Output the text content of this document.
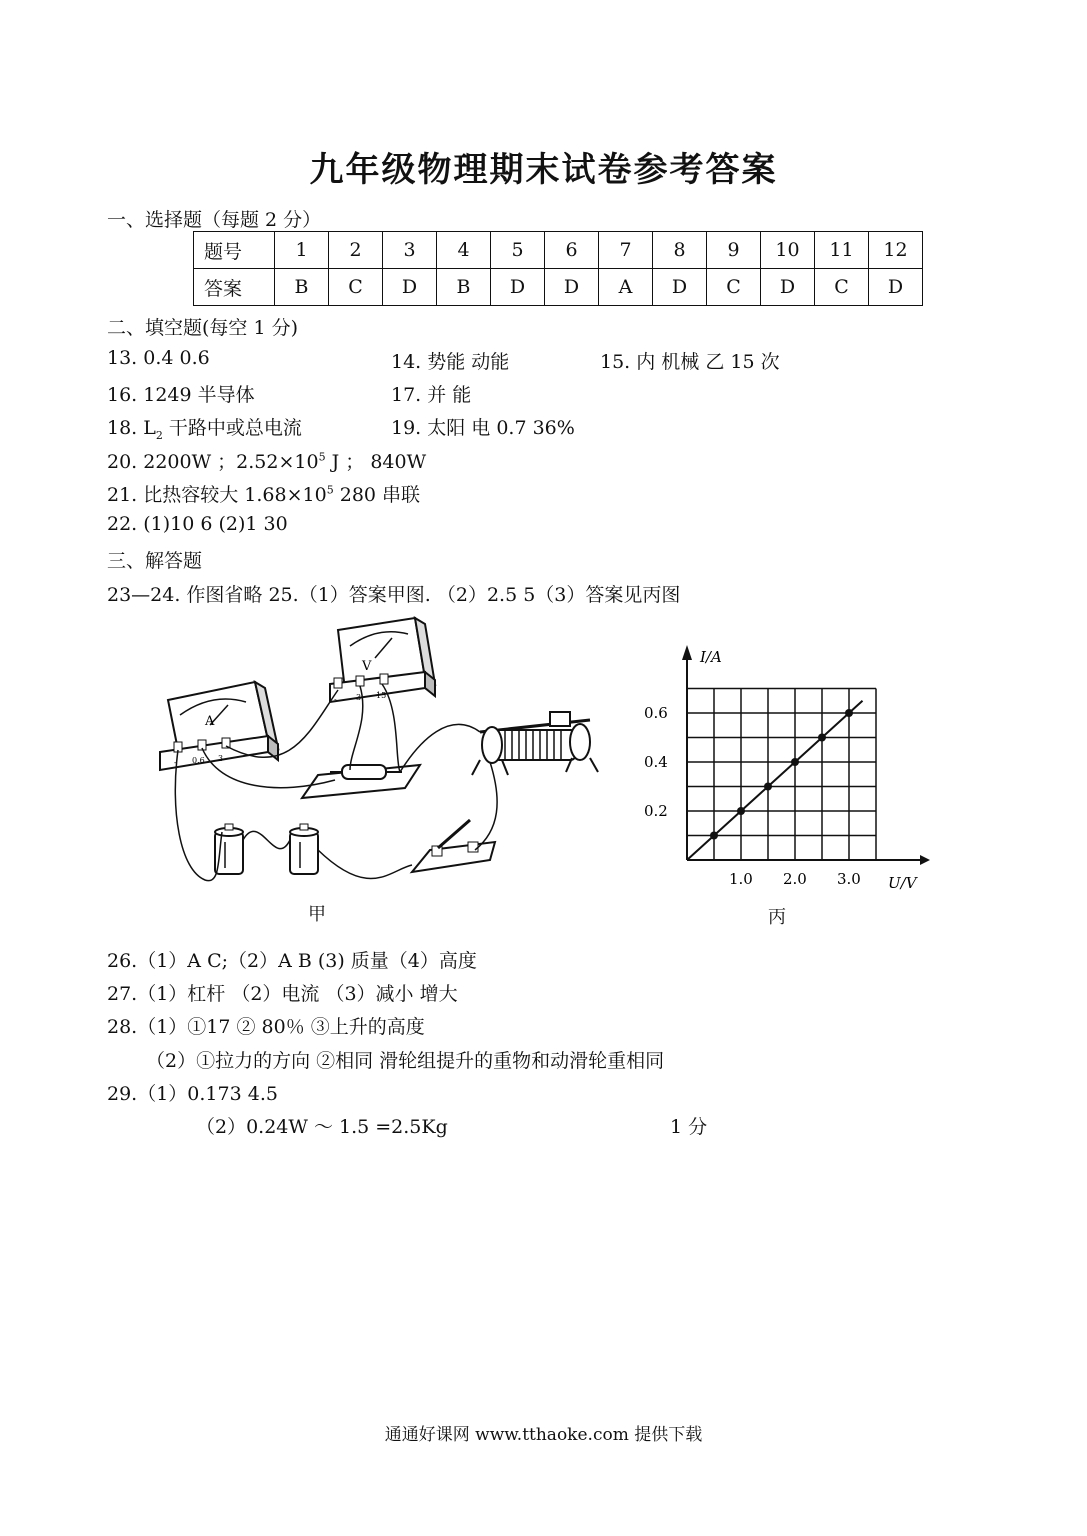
九年级物理期末试卷参考答案
一、选择题（每题 2 分）
题号	1	2	3	4	5	6	7	8	9	10	11	12
答案	B	C	D	B	D	D	A	D	C	D	C	D
二、填空题(每空 1 分)
13. 0.4 0.6	14. 势能 动能	15. 内 机械 乙 15 次
16. 1249 半导体	17. 并 能
18. $L_2$ 干路中或总电流	19. 太阳 电 0.7 36%
20. 2200W ；$2.52\times 10^5$ J ； 840W
21. 比热容较大 $1.68\times 10^5$ 280 串联
22. (1)10 6 (2)1 30
三、解答题
23—24. 作图省略 25.（1）答案甲图. （2）2.5 5（3）答案见丙图
A
- 0.6 3
V
- 3 15
甲
1.0 2.0 3.0
0.2
0.4
0.6
I/A
U/V
丙
26.（1）A C;（2）A B (3) 质量（4）高度
27.（1）杠杆 （2）电流 （3）减小 增大
28.（1）①17 ② 80％ ③上升的高度
（2）①拉力的方向 ②相同 滑轮组提升的重物和动滑轮重相同
29.（1）0.173 4.5
（2）0.24W ～ 1.5 =2.5Kg	1 分
通通好课网 www.tthaoke.com 提供下载
